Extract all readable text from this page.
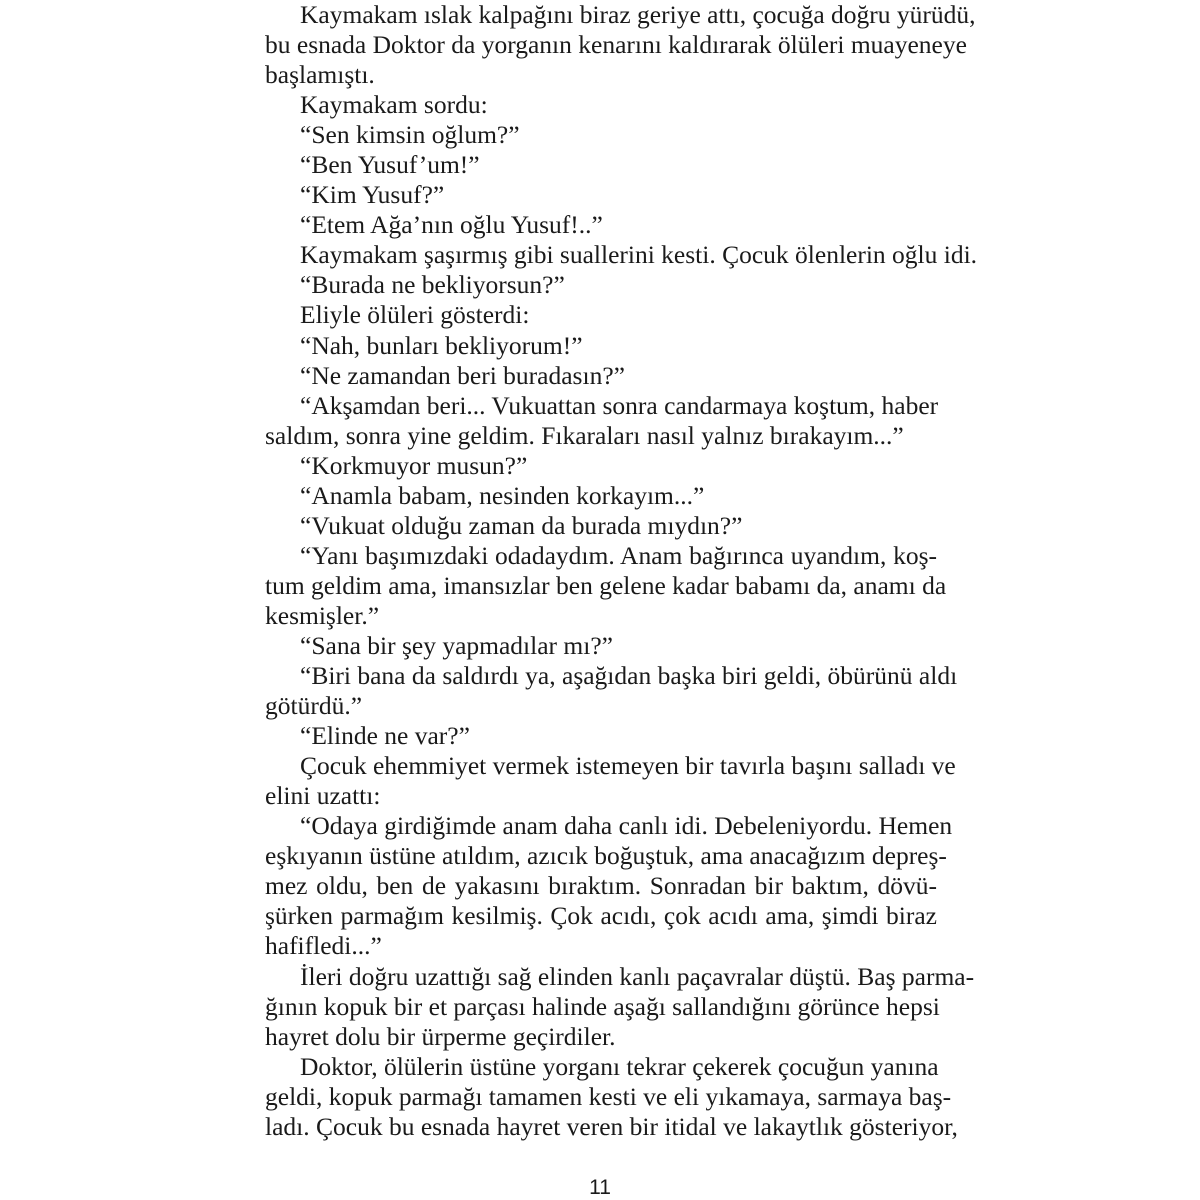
Kaymakam ıslak kalpağını biraz geriye attı, çocuğa doğru yürüdü,
bu esnada Doktor da yorganın kenarını kaldırarak ölüleri muayeneye
başlamıştı.
Kaymakam sordu:
“Sen kimsin oğlum?”
“Ben Yusuf’um!”
“Kim Yusuf?”
“Etem Ağa’nın oğlu Yusuf!..”
Kaymakam şaşırmış gibi suallerini kesti. Çocuk ölenlerin oğlu idi.
“Burada ne bekliyorsun?”
Eliyle ölüleri gösterdi:
“Nah, bunları bekliyorum!”
“Ne zamandan beri buradasın?”
“Akşamdan beri... Vukuattan sonra candarmaya koştum, haber
saldım, sonra yine geldim. Fıkaraları nasıl yalnız bırakayım...”
“Korkmuyor musun?”
“Anamla babam, nesinden korkayım...”
“Vukuat olduğu zaman da burada mıydın?”
“Yanı başımızdaki odadaydım. Anam bağırınca uyandım, koş-
tum geldim ama, imansızlar ben gelene kadar babamı da, anamı da
kesmişler.”
“Sana bir şey yapmadılar mı?”
“Biri bana da saldırdı ya, aşağıdan başka biri geldi, öbürünü aldı
götürdü.”
“Elinde ne var?”
Çocuk ehemmiyet vermek istemeyen bir tavırla başını salladı ve
elini uzattı:
“Odaya girdiğimde anam daha canlı idi. Debeleniyordu. Hemen
eşkıyanın üstüne atıldım, azıcık boğuştuk, ama anacağızım depreş-
mez oldu, ben de yakasını bıraktım. Sonradan bir baktım, dövü-
şürken parmağım kesilmiş. Çok acıdı, çok acıdı ama, şimdi biraz
hafifledi...”
İleri doğru uzattığı sağ elinden kanlı paçavralar düştü. Baş parma-
ğının kopuk bir et parçası halinde aşağı sallandığını görünce hepsi
hayret dolu bir ürperme geçirdiler.
Doktor, ölülerin üstüne yorganı tekrar çekerek çocuğun yanına
geldi, kopuk parmağı tamamen kesti ve eli yıkamaya, sarmaya baş-
ladı. Çocuk bu esnada hayret veren bir itidal ve lakaytlık gösteriyor,
11
